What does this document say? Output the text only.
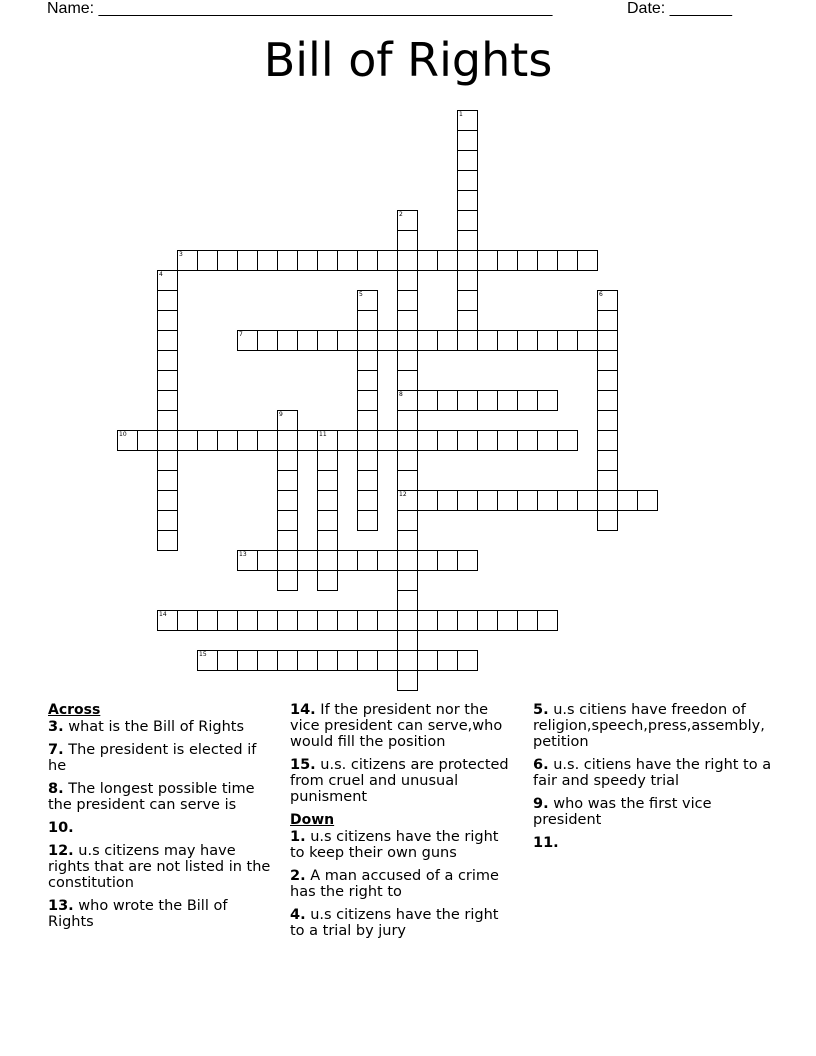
Name: ___________________________________________________	Date: _______
Bill of Rights
1
2
8
12
3
4
5	6
7
9
10	11
13
14
15
Across
3. what is the Bill of Rights
7. The president is elected if he
8. The longest possible time the president can serve is
10.
12. u.s citizens may have rights that are not listed in the constitution
13. who wrote the Bill of Rights
14. If the president nor the vice president can serve,who would fill the position
15. u.s. citizens are protected from cruel and unusual punisment
Down
1. u.s citizens have the right to keep their own guns
2. A man accused of a crime has the right to
4. u.s citizens have the right to a trial by jury
5. u.s citiens have freedon of religion,speech,press,assembly, petition
6. u.s. citiens have the right to a fair and speedy trial
9. who was the first vice president
11.
